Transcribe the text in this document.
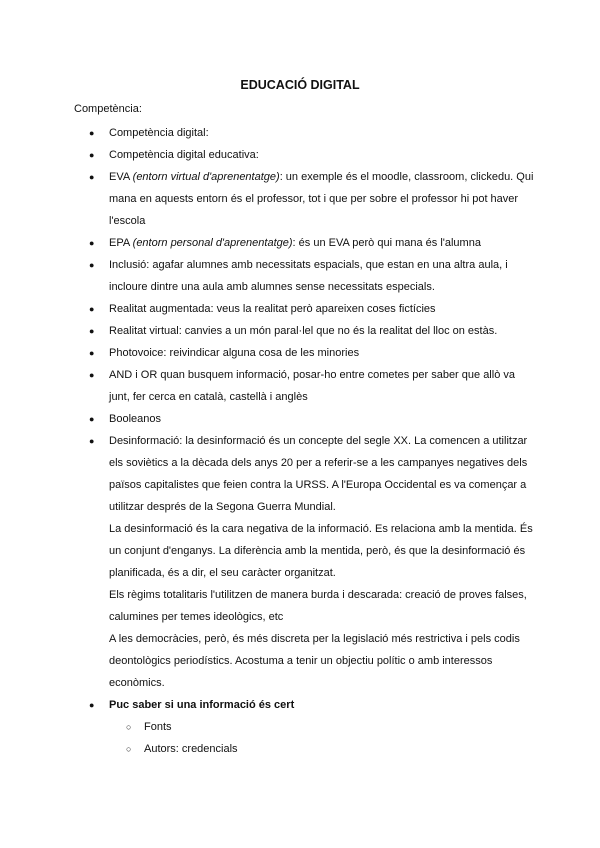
EDUCACIÓ DIGITAL
Competència:
● Competència digital:
● Competència digital educativa:
● EVA (entorn virtual d'aprenentatge): un exemple és el moodle, classroom, clickedu. Qui mana en aquests entorn és el professor, tot i que per sobre el professor hi pot haver l'escola
● EPA (entorn personal d'aprenentatge): és un EVA però qui mana és l'alumna
● Inclusió: agafar alumnes amb necessitats espacials, que estan en una altra aula, i incloure dintre una aula amb alumnes sense necessitats especials.
● Realitat augmentada: veus la realitat però apareixen coses fictícies
● Realitat virtual: canvies a un món paral·lel que no és la realitat del lloc on estàs.
● Photovoice: reivindicar alguna cosa de les minories
● AND i OR quan busquem informació, posar-ho entre cometes per saber que allò va junt, fer cerca en català, castellà i anglès
● Booleanos
● Desinformació: la desinformació és un concepte del segle XX. La comencen a utilitzar els soviètics a la dècada dels anys 20 per a referir-se a les campanyes negatives dels països capitalistes que feien contra la URSS. A l'Europa Occidental es va començar a utilitzar després de la Segona Guerra Mundial.
La desinformació és la cara negativa de la informació. Es relaciona amb la mentida. És un conjunt d'enganys. La diferència amb la mentida, però, és que la desinformació és planificada, és a dir, el seu caràcter organitzat.
Els règims totalitaris l'utilitzen de manera burda i descarada: creació de proves falses, calumines per temes ideològics, etc
A les democràcies, però, és més discreta per la legislació més restrictiva i pels codis deontològics periodístics. Acostuma a tenir un objectiu polític o amb interessos econòmics.
● Puc saber si una informació és cert
○ Fonts
○ Autors: credencials
